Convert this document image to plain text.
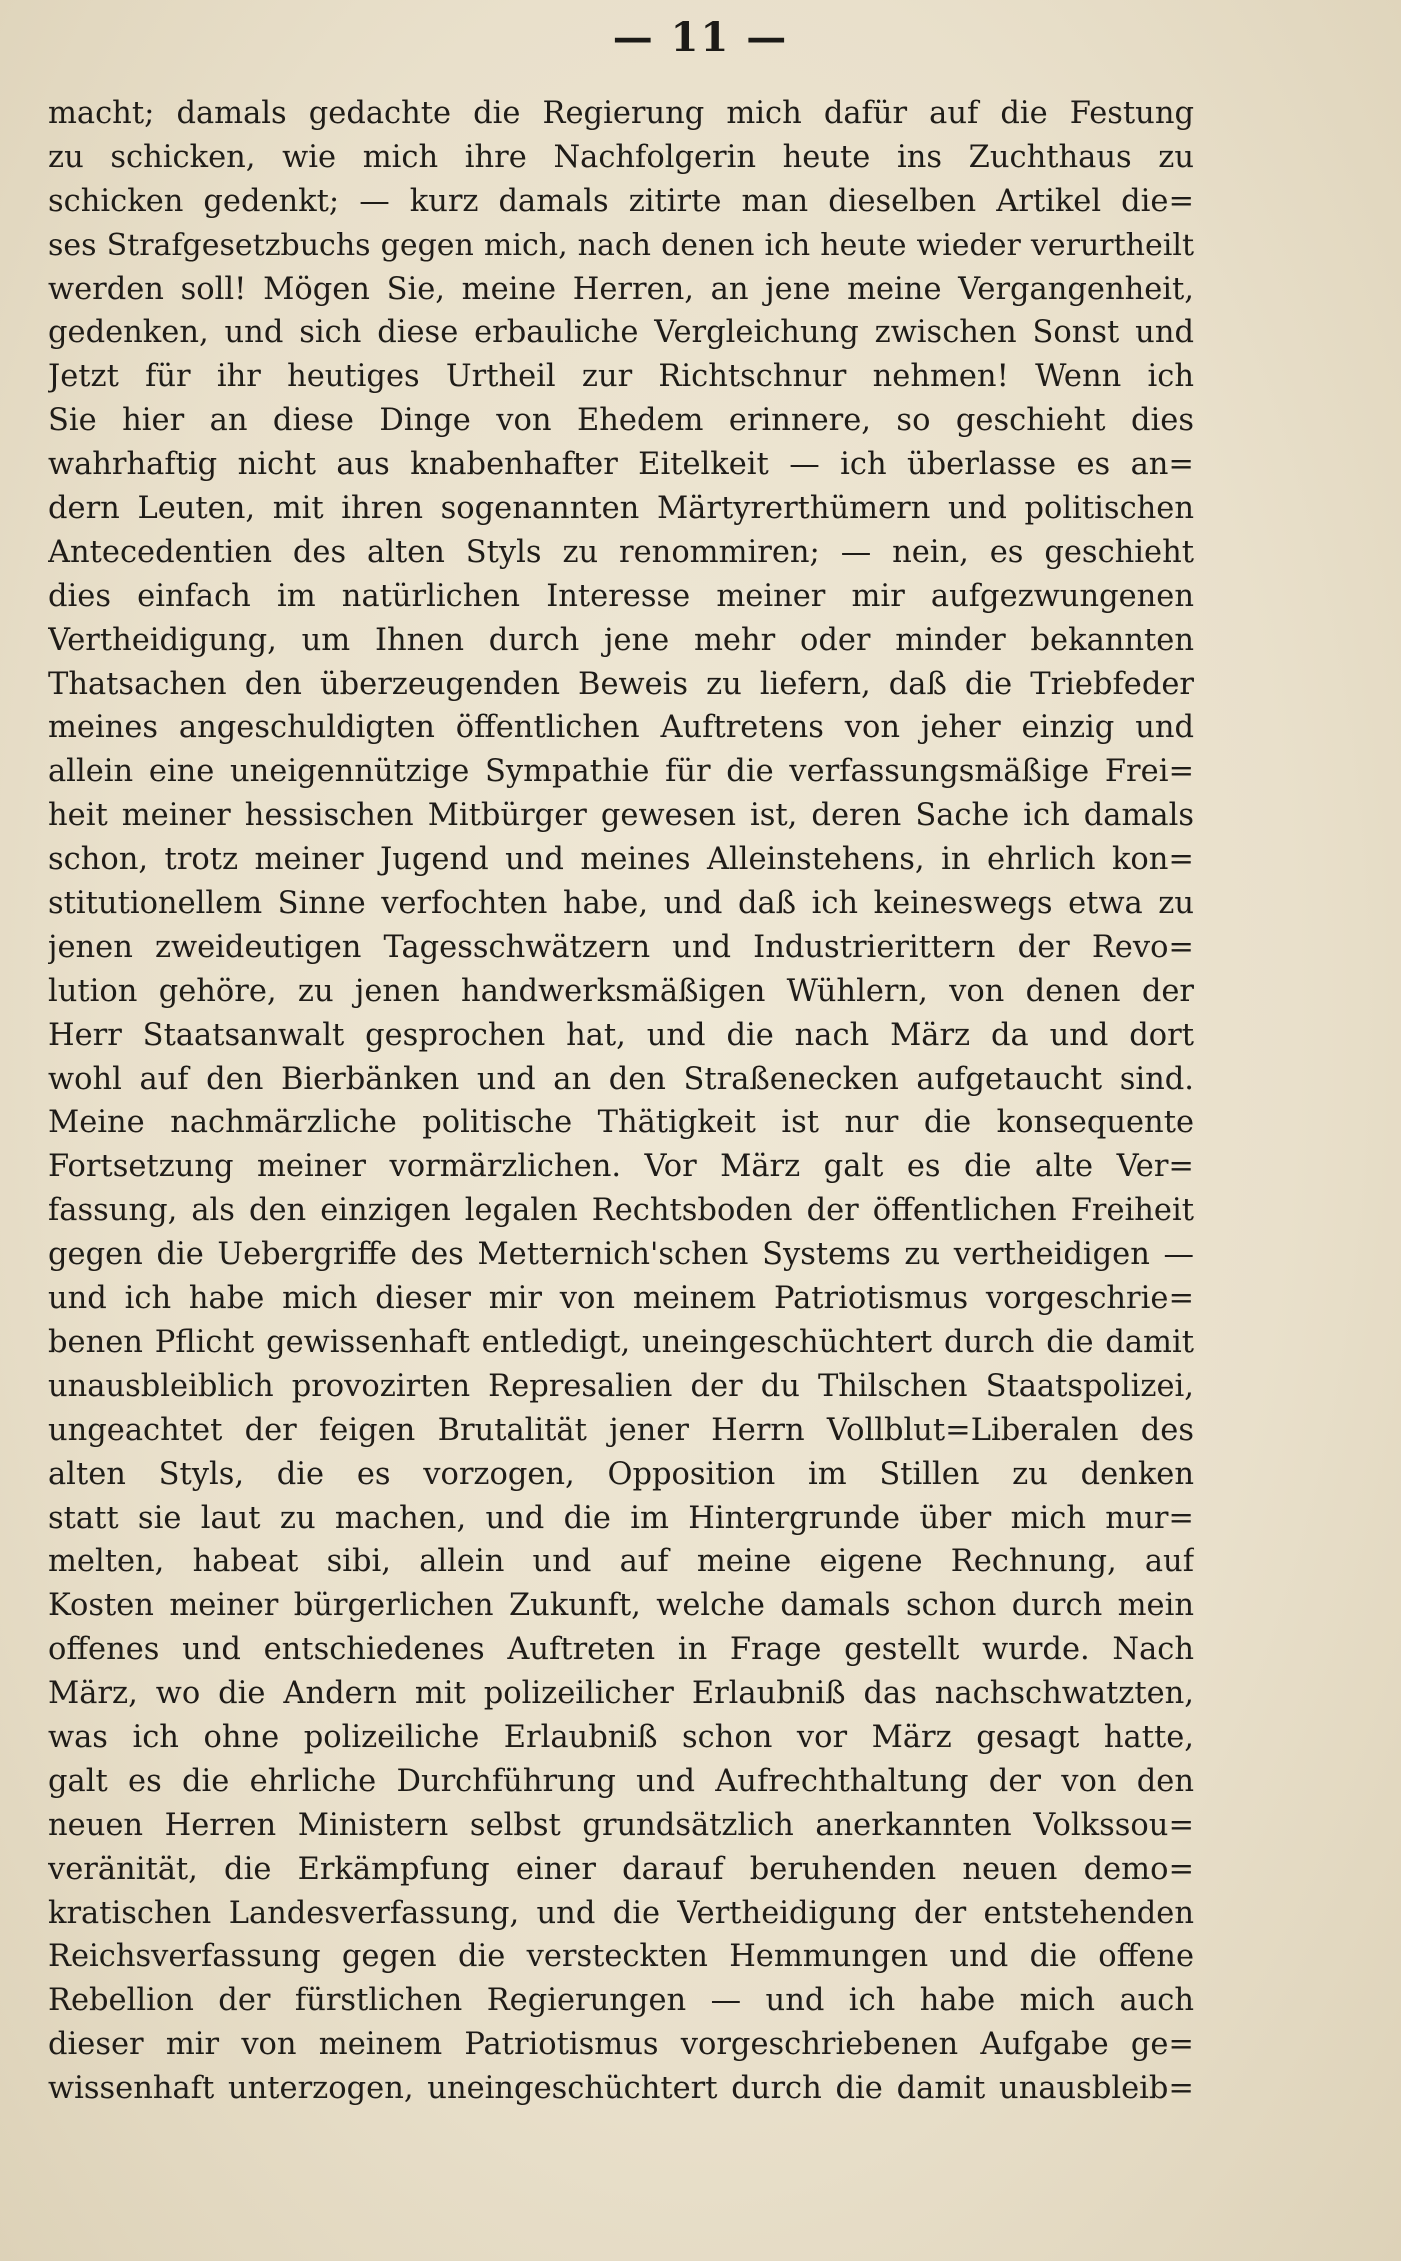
— 11 —
macht; damals gedachte die Regierung mich dafür auf die Festung
zu schicken, wie mich ihre Nachfolgerin heute ins Zuchthaus zu
schicken gedenkt; — kurz damals zitirte man dieselben Artikel die=
ses Strafgesetzbuchs gegen mich, nach denen ich heute wieder verurtheilt
werden soll! Mögen Sie, meine Herren, an jene meine Vergangenheit,
gedenken, und sich diese erbauliche Vergleichung zwischen Sonst und
Jetzt für ihr heutiges Urtheil zur Richtschnur nehmen! Wenn ich
Sie hier an diese Dinge von Ehedem erinnere, so geschieht dies
wahrhaftig nicht aus knabenhafter Eitelkeit — ich überlasse es an=
dern Leuten, mit ihren sogenannten Märtyrerthümern und politischen
Antecedentien des alten Styls zu renommiren; — nein, es geschieht
dies einfach im natürlichen Interesse meiner mir aufgezwungenen
Vertheidigung, um Ihnen durch jene mehr oder minder bekannten
Thatsachen den überzeugenden Beweis zu liefern, daß die Triebfeder
meines angeschuldigten öffentlichen Auftretens von jeher einzig und
allein eine uneigennützige Sympathie für die verfassungsmäßige Frei=
heit meiner hessischen Mitbürger gewesen ist, deren Sache ich damals
schon, trotz meiner Jugend und meines Alleinstehens, in ehrlich kon=
stitutionellem Sinne verfochten habe, und daß ich keineswegs etwa zu
jenen zweideutigen Tagesschwätzern und Industrierittern der Revo=
lution gehöre, zu jenen handwerksmäßigen Wühlern, von denen der
Herr Staatsanwalt gesprochen hat, und die nach März da und dort
wohl auf den Bierbänken und an den Straßenecken aufgetaucht sind.
Meine nachmärzliche politische Thätigkeit ist nur die konsequente
Fortsetzung meiner vormärzlichen. Vor März galt es die alte Ver=
fassung, als den einzigen legalen Rechtsboden der öffentlichen Freiheit
gegen die Uebergriffe des Metternich'schen Systems zu vertheidigen —
und ich habe mich dieser mir von meinem Patriotismus vorgeschrie=
benen Pflicht gewissenhaft entledigt, uneingeschüchtert durch die damit
unausbleiblich provozirten Represalien der du Thilschen Staatspolizei,
ungeachtet der feigen Brutalität jener Herrn Vollblut=Liberalen des
alten Styls, die es vorzogen, Opposition im Stillen zu denken
statt sie laut zu machen, und die im Hintergrunde über mich mur=
melten, habeat sibi, allein und auf meine eigene Rechnung, auf
Kosten meiner bürgerlichen Zukunft, welche damals schon durch mein
offenes und entschiedenes Auftreten in Frage gestellt wurde. Nach
März, wo die Andern mit polizeilicher Erlaubniß das nachschwatzten,
was ich ohne polizeiliche Erlaubniß schon vor März gesagt hatte,
galt es die ehrliche Durchführung und Aufrechthaltung der von den
neuen Herren Ministern selbst grundsätzlich anerkannten Volkssou=
veränität, die Erkämpfung einer darauf beruhenden neuen demo=
kratischen Landesverfassung, und die Vertheidigung der entstehenden
Reichsverfassung gegen die versteckten Hemmungen und die offene
Rebellion der fürstlichen Regierungen — und ich habe mich auch
dieser mir von meinem Patriotismus vorgeschriebenen Aufgabe ge=
wissenhaft unterzogen, uneingeschüchtert durch die damit unausbleib=
